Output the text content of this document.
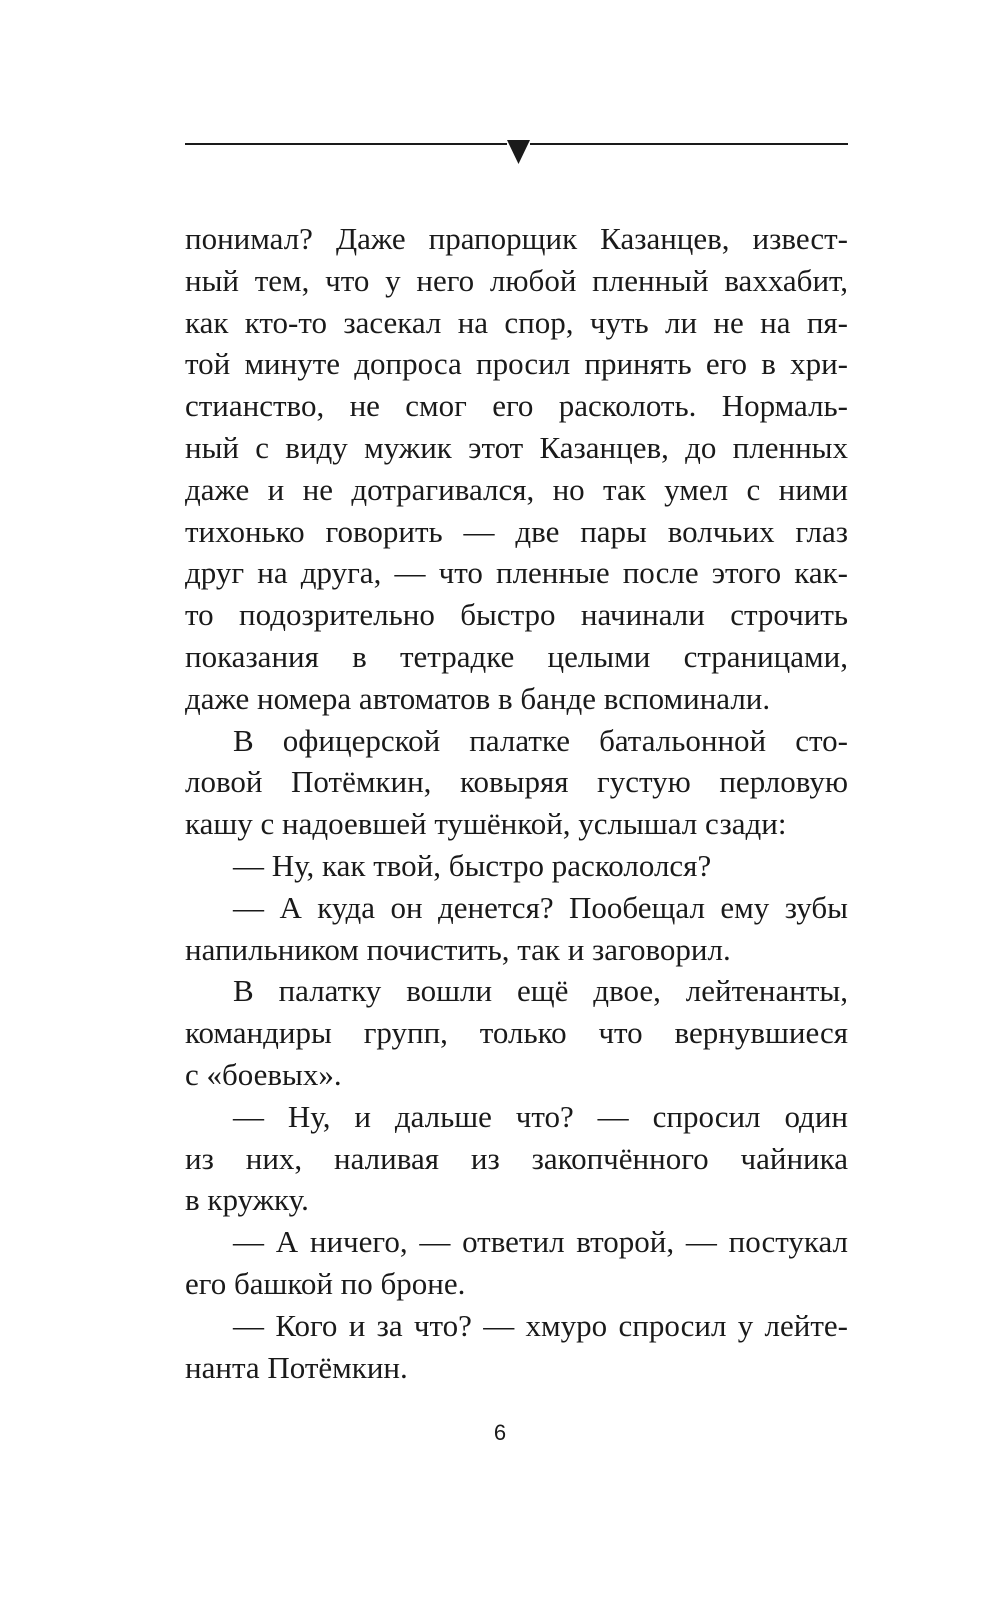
понимал? Даже прапорщик Казанцев, извест-
ный тем, что у него любой пленный ваххабит,
как кто-то засекал на спор, чуть ли не на пя-
той минуте допроса просил принять его в хри-
стианство, не смог его расколоть. Нормаль-
ный с виду мужик этот Казанцев, до пленных
даже и не дотрагивался, но так умел с ними
тихонько говорить — две пары волчьих глаз
друг на друга, — что пленные после этого как-
то подозрительно быстро начинали строчить
показания в тетрадке целыми страницами,
даже номера автоматов в банде вспоминали.
В офицерской палатке батальонной сто-
ловой Потёмкин, ковыряя густую перловую
кашу с надоевшей тушёнкой, услышал сзади:
— Ну, как твой, быстро раскололся?
— А куда он денется? Пообещал ему зубы
напильником почистить, так и заговорил.
В палатку вошли ещё двое, лейтенанты,
командиры групп, только что вернувшиеся
с «боевых».
— Ну, и дальше что? — спросил один
из них, наливая из закопчённого чайника
в кружку.
— А ничего, — ответил второй, — постукал
его башкой по броне.
— Кого и за что? — хмуро спросил у лейте-
нанта Потёмкин.
6
